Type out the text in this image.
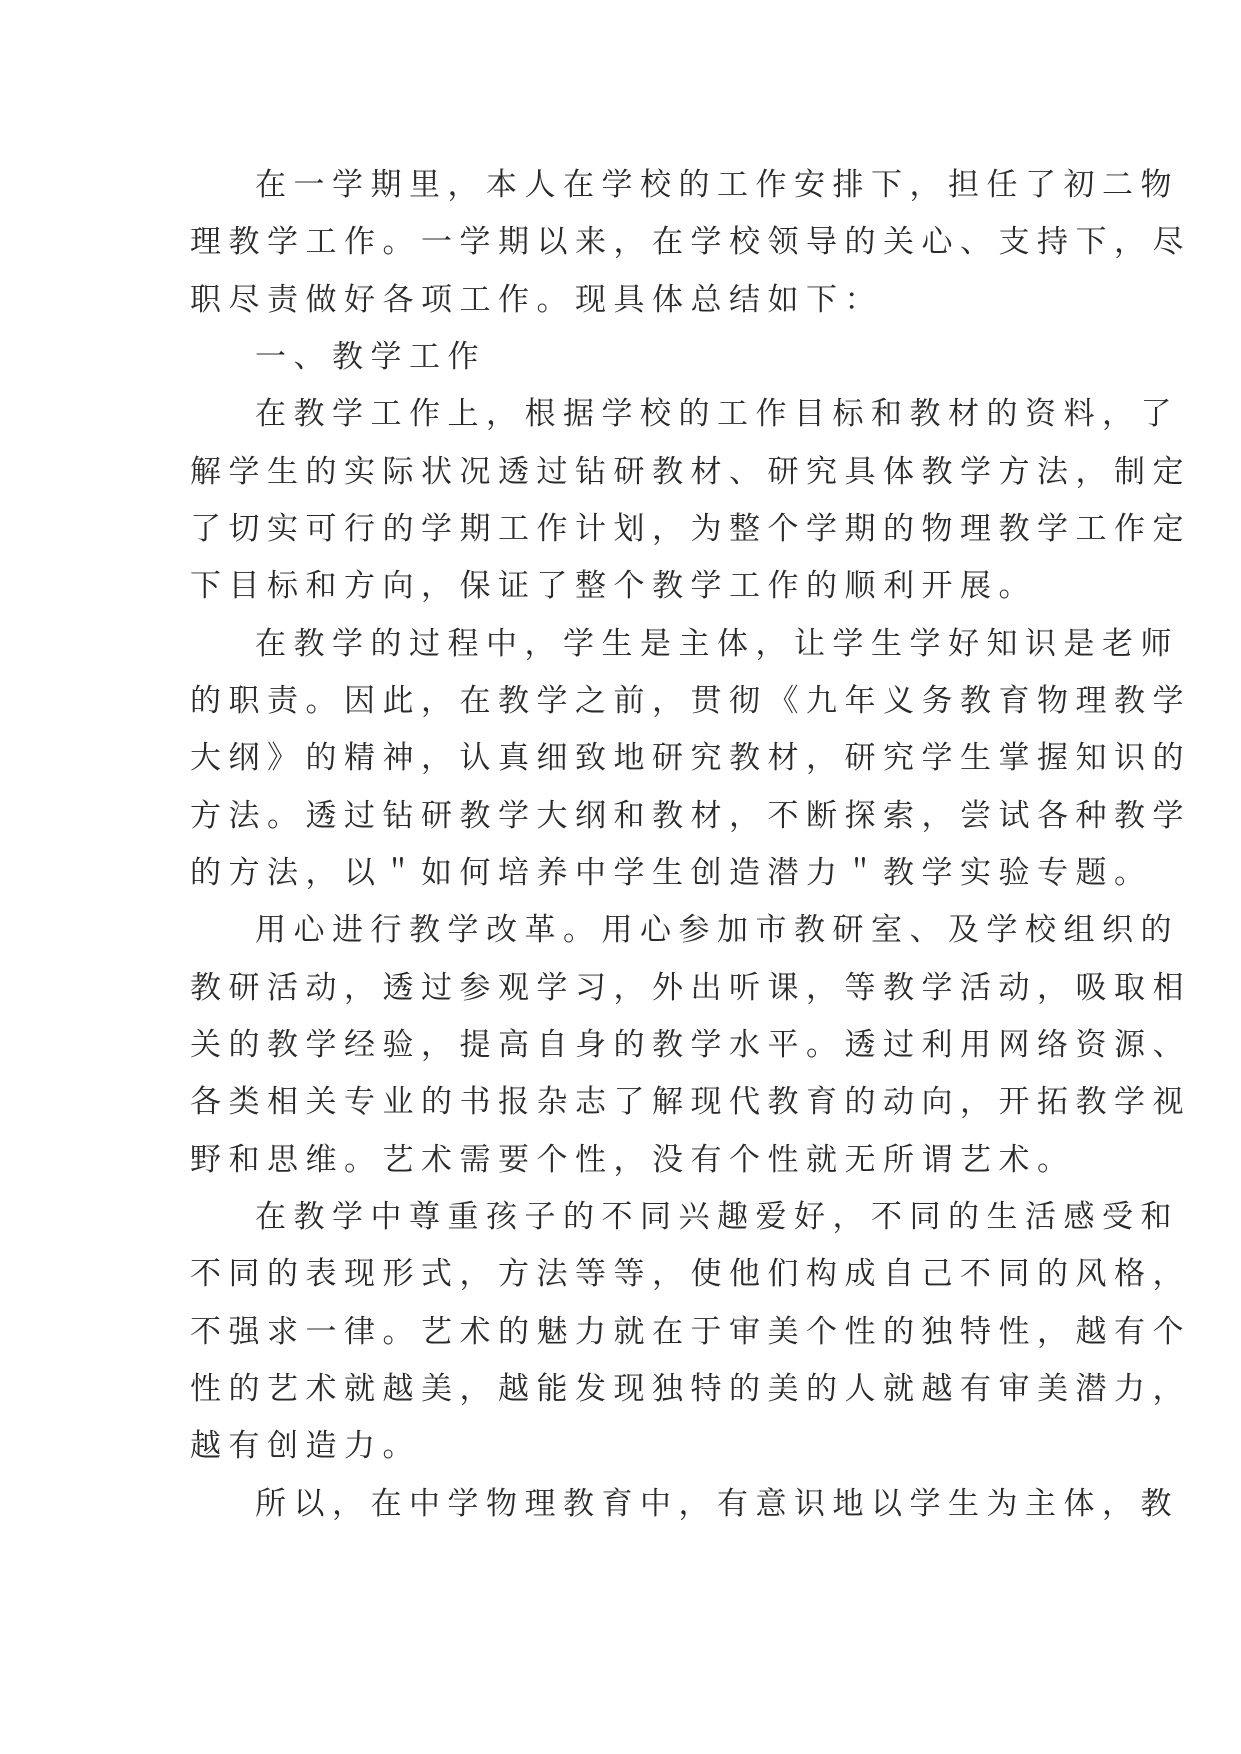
在一学期里，本人在学校的工作安排下，担任了初二物
理教学工作。一学期以来，在学校领导的关心、支持下，尽
职尽责做好各项工作。现具体总结如下：
一、教学工作
在教学工作上，根据学校的工作目标和教材的资料，了
解学生的实际状况透过钻研教材、研究具体教学方法，制定
了切实可行的学期工作计划，为整个学期的物理教学工作定
下目标和方向，保证了整个教学工作的顺利开展。
在教学的过程中，学生是主体，让学生学好知识是老师
的职责。因此，在教学之前，贯彻《九年义务教育物理教学
大纲》的精神，认真细致地研究教材，研究学生掌握知识的
方法。透过钻研教学大纲和教材，不断探索，尝试各种教学
的方法，以＂如何培养中学生创造潜力＂教学实验专题。
用心进行教学改革。用心参加市教研室、及学校组织的
教研活动，透过参观学习，外出听课，等教学活动，吸取相
关的教学经验，提高自身的教学水平。透过利用网络资源、
各类相关专业的书报杂志了解现代教育的动向，开拓教学视
野和思维。艺术需要个性，没有个性就无所谓艺术。
在教学中尊重孩子的不同兴趣爱好，不同的生活感受和
不同的表现形式，方法等等，使他们构成自己不同的风格，
不强求一律。艺术的魅力就在于审美个性的独特性，越有个
性的艺术就越美，越能发现独特的美的人就越有审美潜力，
越有创造力。
所以，在中学物理教育中，有意识地以学生为主体，教
